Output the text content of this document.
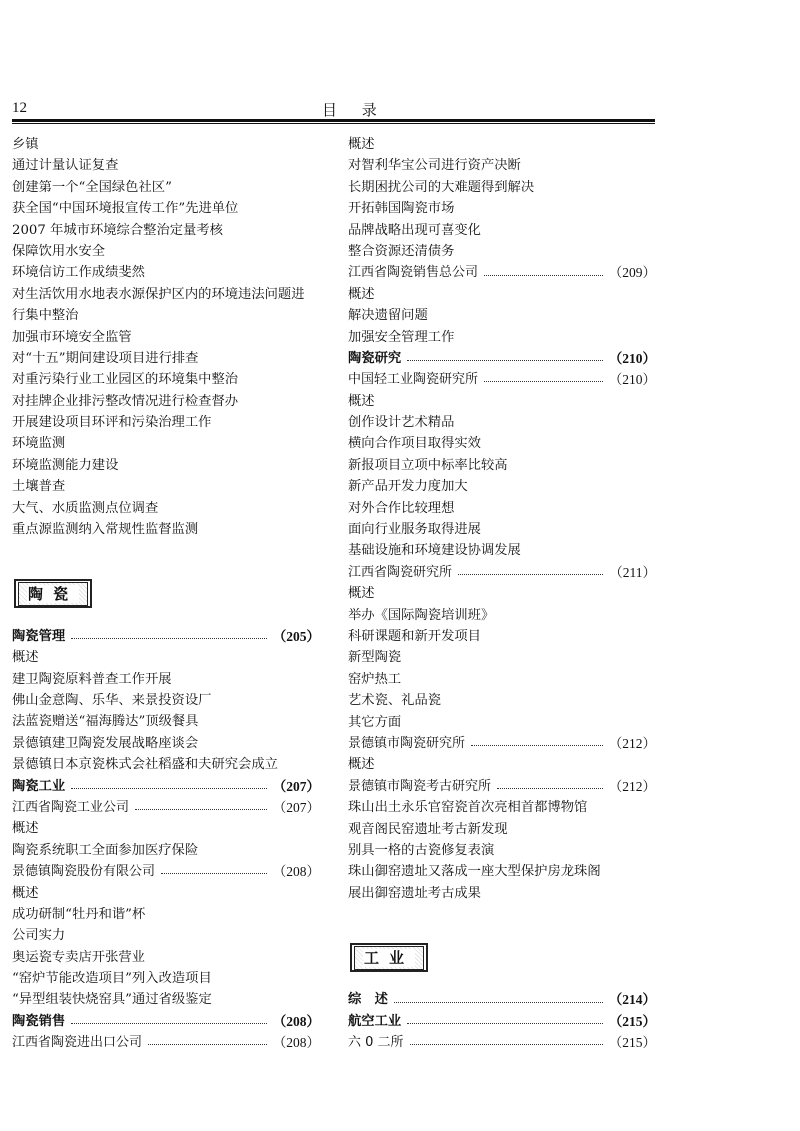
12	目 录
乡镇
通过计量认证复查
创建第一个“全国绿色社区”
获全国“中国环境报宣传工作”先进单位
2007 年城市环境综合整治定量考核
保障饮用水安全
环境信访工作成绩斐然
对生活饮用水地表水源保护区内的环境违法问题进
行集中整治
加强市环境安全监管
对“十五”期间建设项目进行排查
对重污染行业工业园区的环境集中整治
对挂牌企业排污整改情况进行检查督办
开展建设项目环评和污染治理工作
环境监测
环境监测能力建设
土壤普查
大气、水质监测点位调查
重点源监测纳入常规性监督监测
陶瓷
陶瓷管理	（205）
概述
建卫陶瓷原料普查工作开展
佛山金意陶、乐华、来景投资设厂
法蓝瓷赠送“福海腾达”顶级餐具
景德镇建卫陶瓷发展战略座谈会
景德镇日本京瓷株式会社稻盛和夫研究会成立
陶瓷工业	（207）
江西省陶瓷工业公司	（207）
概述
陶瓷系统职工全面参加医疗保险
景德镇陶瓷股份有限公司	（208）
概述
成功研制“牡丹和谐”杯
公司实力
奥运瓷专卖店开张营业
“窑炉节能改造项目”列入改造项目
“异型组装快烧窑具”通过省级鉴定
陶瓷销售	（208）
江西省陶瓷进出口公司	（208）
概述
对智利华宝公司进行资产决断
长期困扰公司的大难题得到解决
开拓韩国陶瓷市场
品牌战略出现可喜变化
整合资源还清债务
江西省陶瓷销售总公司	（209）
概述
解决遗留问题
加强安全管理工作
陶瓷研究	（210）
中国轻工业陶瓷研究所	（210）
概述
创作设计艺术精品
横向合作项目取得实效
新报项目立项中标率比较高
新产品开发力度加大
对外合作比较理想
面向行业服务取得进展
基础设施和环境建设协调发展
江西省陶瓷研究所	（211）
概述
举办《国际陶瓷培训班》
科研课题和新开发项目
新型陶瓷
窑炉热工
艺术瓷、礼品瓷
其它方面
景德镇市陶瓷研究所	（212）
概述
景德镇市陶瓷考古研究所	（212）
珠山出土永乐官窑瓷首次亮相首都博物馆
观音阁民窑遗址考古新发现
别具一格的古瓷修复表演
珠山御窑遗址又落成一座大型保护房龙珠阁
展出御窑遗址考古成果
工业
综　述	（214）
航空工业	（215）
六 0 二所	（215）
